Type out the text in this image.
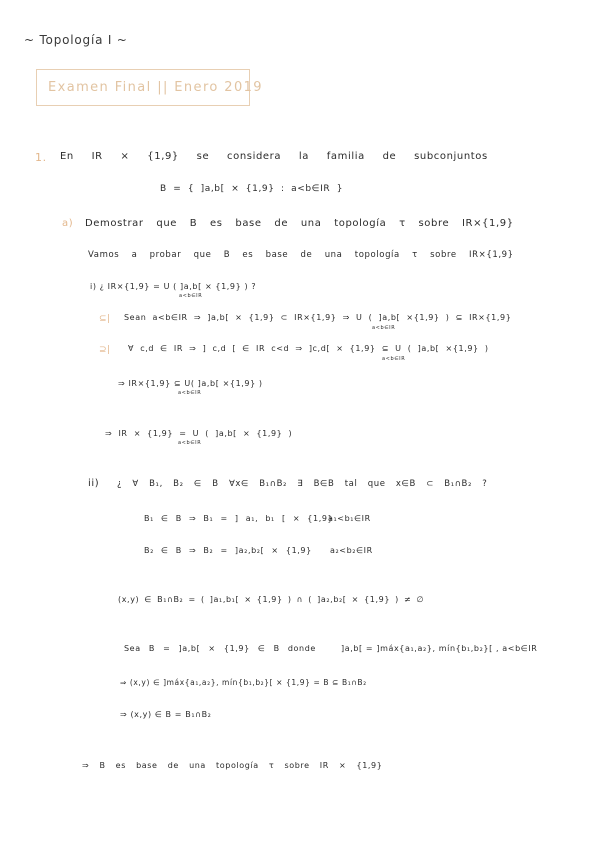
~ Topología I ~
Examen Final || Enero 2019
1. En IR × {1,9} se considera la familia de subconjuntos
B = { ]a,b[ × {1,9} : a<b∈IR }
a) Demostrar que B es base de una topología τ sobre IR×{1,9}
Vamos a probar que B es base de una topología τ sobre IR×{1,9}
i) ¿ IR×{1,9} = U ( ]a,b[ × {1,9} ) ?
a<b∈IR
⊆| Sean a<b∈IR ⇒ ]a,b[ × {1,9} ⊂ IR×{1,9} ⇒ U ( ]a,b[ ×{1,9} ) ⊆ IR×{1,9}
a<b∈IR
⊇| ∀ c,d ∈ IR ⇒ ] c,d [ ∈ IR c<d ⇒ ]c,d[ × {1,9} ⊆ U ( ]a,b[ ×{1,9} )
a<b∈IR
⇒ IR×{1,9} ⊆ U( ]a,b[ ×{1,9} )
a<b∈IR
⇒ IR × {1,9} = U ( ]a,b[ × {1,9} )
a<b∈IR
ii) ¿ ∀ B₁, B₂ ∈ B ∀x∈ B₁∩B₂ ∃ B∈B tal que x∈B ⊂ B₁∩B₂ ?
B₁ ∈ B ⇒ B₁ = ] a₁, b₁ [ × {1,9}
a₁<b₁∈IR
B₂ ∈ B ⇒ B₂ = ]a₂,b₂[ × {1,9} a₂<b₂∈IR
(x,y) ∈ B₁∩B₂ = ( ]a₁,b₁[ × {1,9} ) ∩ ( ]a₂,b₂[ × {1,9} ) ≠ ∅
Sea B = ]a,b[ × {1,9} ∈ B donde	]a,b[ = ]máx{a₁,a₂}, mín{b₁,b₂}[ , a<b∈IR
⇒ (x,y) ∈ ]máx{a₁,a₂}, mín{b₁,b₂}[ × {1,9} = B ⊆ B₁∩B₂
⇒ (x,y) ∈ B = B₁∩B₂
⇒ B es base de una topología τ sobre IR × {1,9}
